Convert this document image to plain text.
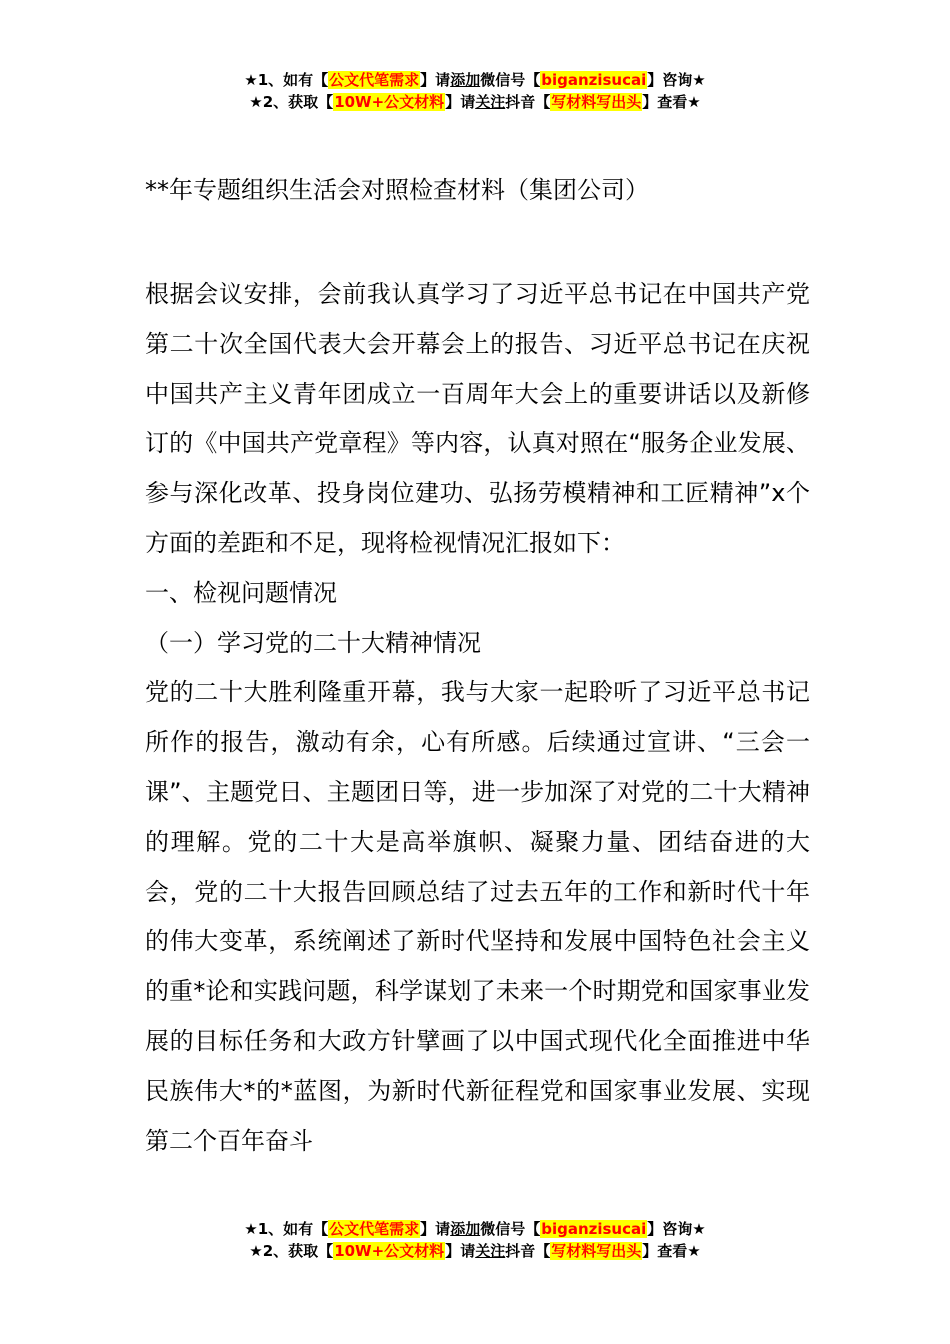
★1、如有【公文代笔需求】请添加微信号【biganzisucai】咨询★
★2、获取【10W+公文材料】请关注抖音【写材料写出头】查看★
**年专题组织生活会对照检查材料（集团公司）

根据会议安排，会前我认真学习了习近平总书记在中国共产党第二十次全国代表大会开幕会上的报告、习近平总书记在庆祝中国共产主义青年团成立一百周年大会上的重要讲话以及新修订的《中国共产党章程》等内容，认真对照在“服务企业发展、参与深化改革、投身岗位建功、弘扬劳模精神和工匠精神”x个方面的差距和不足，现将检视情况汇报如下：

一、检视问题情况

（一）学习党的二十大精神情况

党的二十大胜利隆重开幕，我与大家一起聆听了习近平总书记所作的报告，激动有余，心有所感。后续通过宣讲、“三会一课”、主题党日、主题团日等，进一步加深了对党的二十大精神的理解。党的二十大是高举旗帜、凝聚力量、团结奋进的大会，党的二十大报告回顾总结了过去五年的工作和新时代十年的伟大变革，系统阐述了新时代坚持和发展中国特色社会主义的重*论和实践问题，科学谋划了未来一个时期党和国家事业发展的目标任务和大政方针擘画了以中国式现代化全面推进中华民族伟大*的*蓝图，为新时代新征程党和国家事业发展、实现第二个百年奋斗

★1、如有【公文代笔需求】请添加微信号【biganzisucai】咨询★
★2、获取【10W+公文材料】请关注抖音【写材料写出头】查看★
